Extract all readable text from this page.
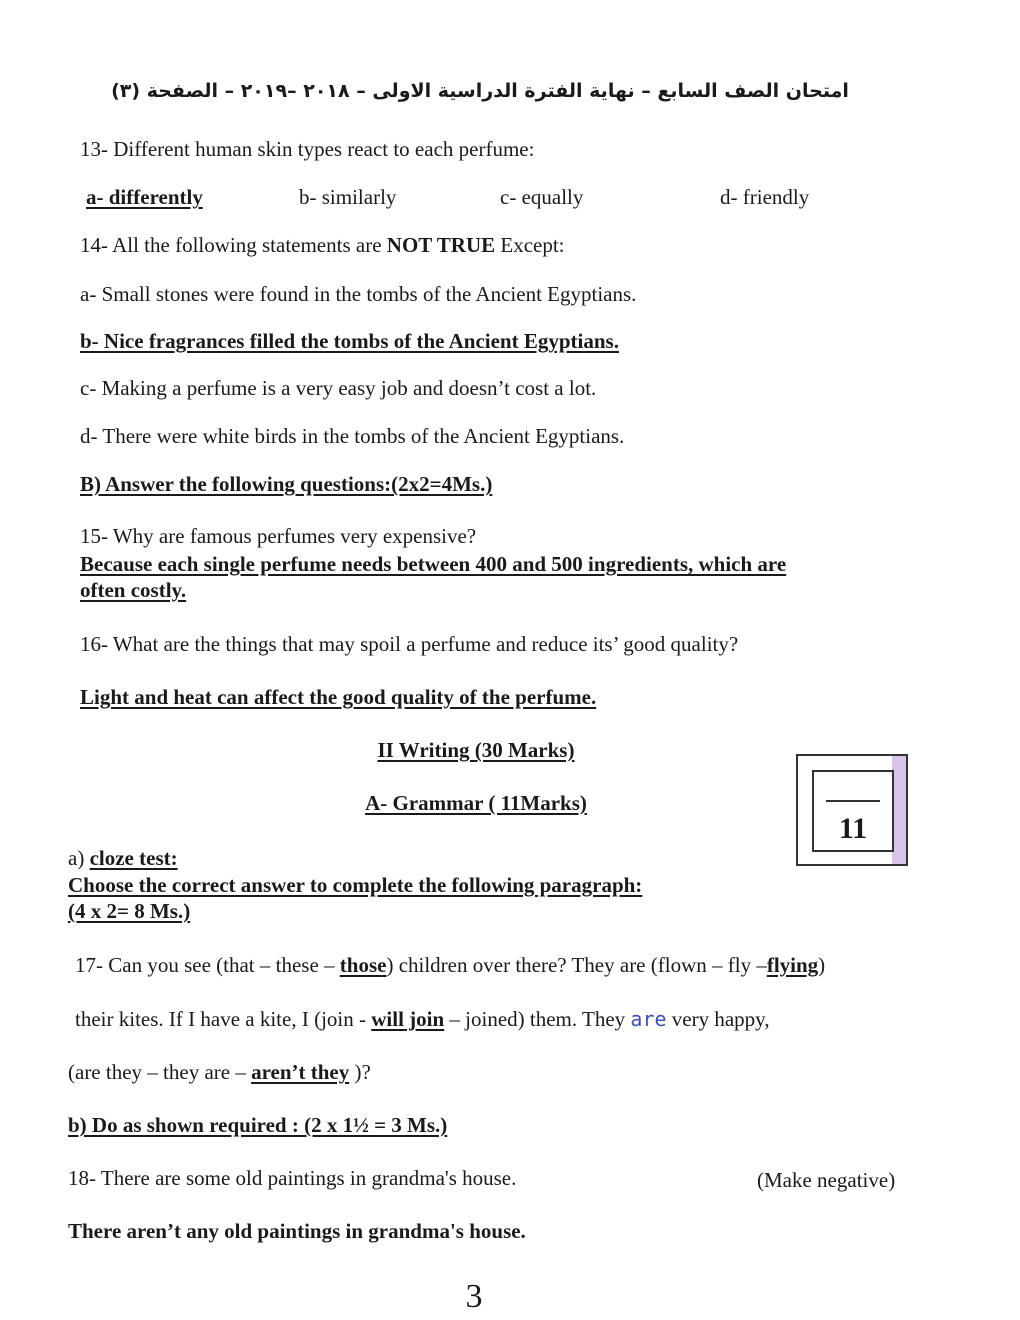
امتحان الصف السابع – نهاية الفترة الدراسية الاولى – ٢٠١٨ –٢٠١٩ – الصفحة (٣)
13- Different human skin types react to each perfume:
a- differently	b- similarly	c- equally	d- friendly
14- All the following statements are NOT TRUE Except:
a- Small stones were found in the tombs of the Ancient Egyptians.
b- Nice fragrances filled the tombs of the Ancient Egyptians.
c- Making a perfume is a very easy job and doesn’t cost a lot.
d- There were white birds in the tombs of the Ancient Egyptians.
B) Answer the following questions:(2x2=4Ms.)
15- Why are famous perfumes very expensive?
Because each single perfume needs between 400 and 500 ingredients, which are
often costly.
16- What are the things that may spoil a perfume and reduce its’ good quality?
Light and heat can affect the good quality of the perfume.
II Writing (30 Marks)
A- Grammar ( 11Marks)
11
a) cloze test:
Choose the correct answer to complete the following paragraph:
(4 x 2= 8 Ms.)
17- Can you see (that – these – those) children over there? They are (flown – fly –flying)
their kites. If I have a kite, I (join - will join – joined) them. They are very happy,
(are they – they are – aren’t they )?
b) Do as shown required : (2 x 1½ = 3 Ms.)
18- There are some old paintings in grandma's house.	(Make negative)
There aren’t any old paintings in grandma's house.
3
